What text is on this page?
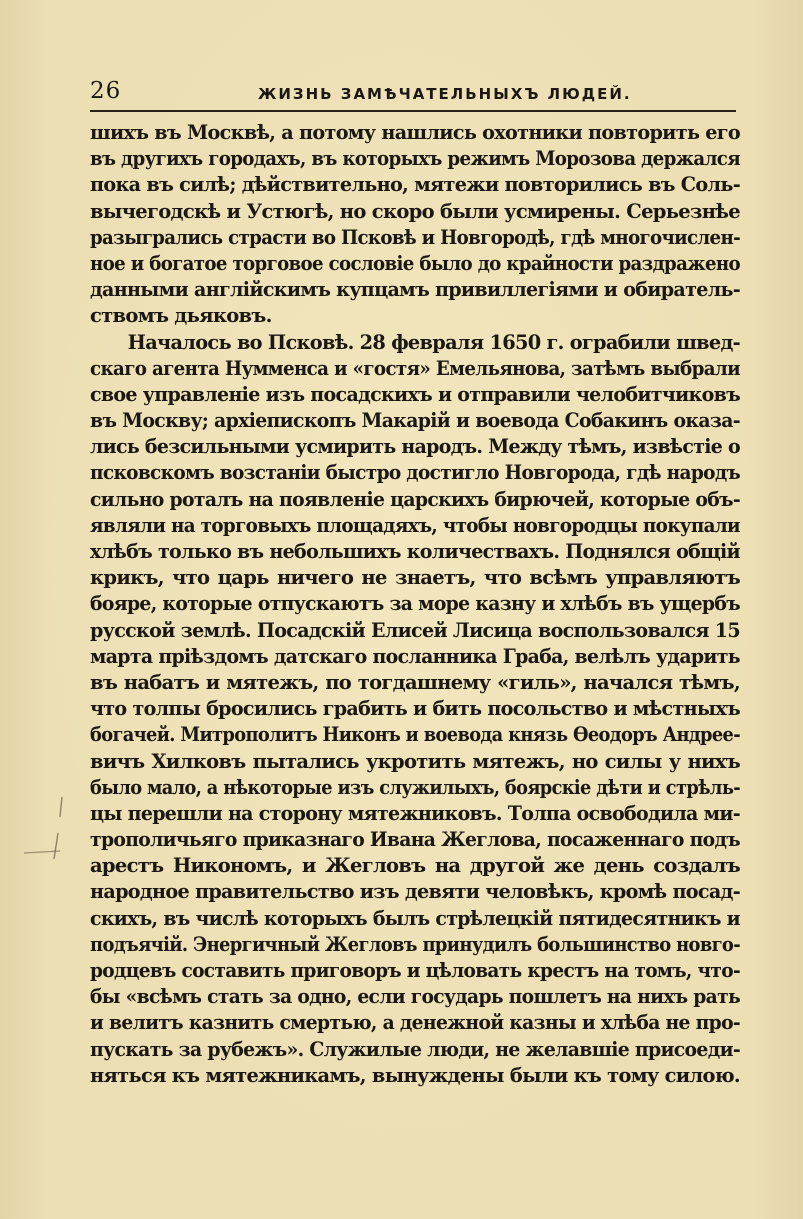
26	ЖИЗНЬ ЗАМѢЧАТЕЛЬНЫХЪ ЛЮДЕЙ.
шихъ въ Москвѣ, а потому нашлись охотники повторить его
въ другихъ городахъ, въ которыхъ режимъ Морозова держался
пока въ силѣ; дѣйствительно, мятежи повторились въ Соль-
вычегодскѣ и Устюгѣ, но скоро были усмирены. Серьезнѣе
разыгрались страсти во Псковѣ и Новгородѣ, гдѣ многочислен-
ное и богатое торговое сословіе было до крайности раздражено
данными англійскимъ купцамъ привиллегіями и обиратель-
ствомъ дьяковъ.
Началось во Псковѣ. 28 февраля 1650 г. ограбили швед-
скаго агента Нумменса и «гостя» Емельянова, затѣмъ выбрали
свое управленіе изъ посадскихъ и отправили челобитчиковъ
въ Москву; архіепископъ Макарій и воевода Собакинъ оказа-
лись безсильными усмирить народъ. Между тѣмъ, извѣстіе о
псковскомъ возстаніи быстро достигло Новгорода, гдѣ народъ
сильно роталъ на появленіе царскихъ бирючей, которые объ-
являли на торговыхъ площадяхъ, чтобы новгородцы покупали
хлѣбъ только въ небольшихъ количествахъ. Поднялся общій
крикъ, что царь ничего не знаетъ, что всѣмъ управляютъ
бояре, которые отпускаютъ за море казну и хлѣбъ въ ущербъ
русской землѣ. Посадскій Елисей Лисица воспользовался 15
марта пріѣздомъ датскаго посланника Граба, велѣлъ ударить
въ набатъ и мятежъ, по тогдашнему «гиль», начался тѣмъ,
что толпы бросились грабить и бить посольство и мѣстныхъ
богачей. Митрополитъ Никонъ и воевода князь Ѳеодоръ Андрее-
вичъ Хилковъ пытались укротить мятежъ, но силы у нихъ
было мало, а нѣкоторые изъ служилыхъ, боярскіе дѣти и стрѣль-
цы перешли на сторону мятежниковъ. Толпа освободила ми-
трополичьяго приказнаго Ивана Жеглова, посаженнаго подъ
арестъ Никономъ, и Жегловъ на другой же день создалъ
народное правительство изъ девяти человѣкъ, кромѣ посад-
скихъ, въ числѣ которыхъ былъ стрѣлецкій пятидесятникъ и
подъячій. Энергичный Жегловъ принудилъ большинство новго-
родцевъ составить приговоръ и цѣловать крестъ на томъ, что-
бы «всѣмъ стать за одно, если государь пошлетъ на нихъ рать
и велитъ казнить смертью, а денежной казны и хлѣба не про-
пускать за рубежъ». Служилые люди, не желавшіе присоеди-
няться къ мятежникамъ, вынуждены были къ тому силою.
